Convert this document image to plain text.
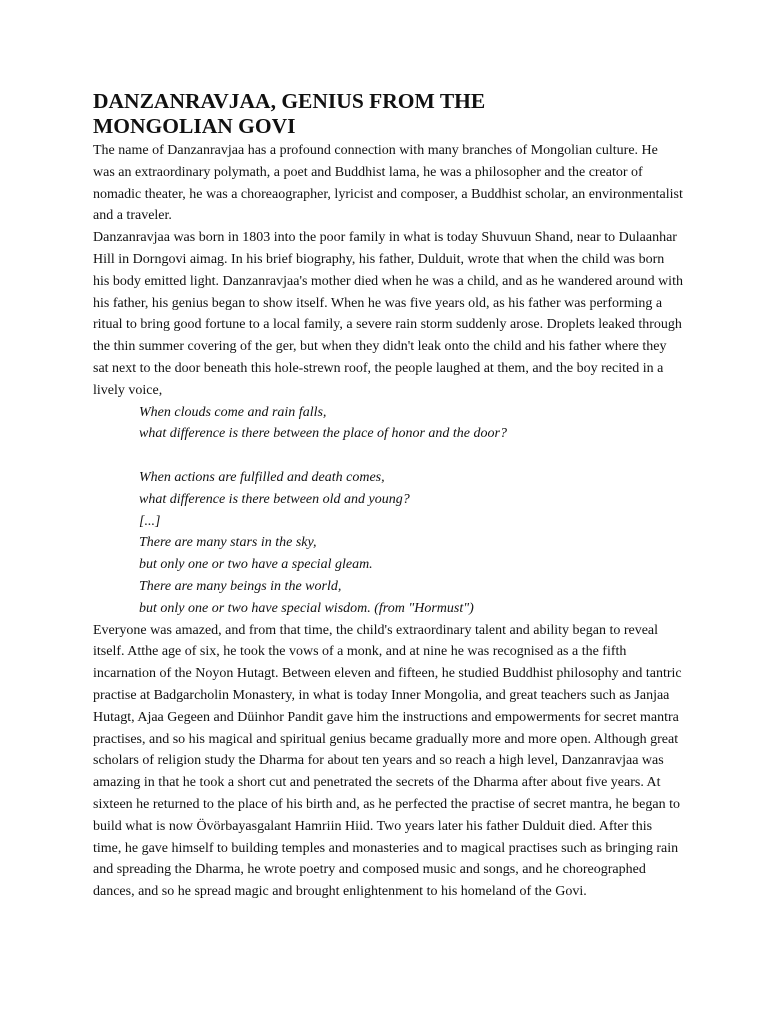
DANZANRAVJAA, GENIUS FROM THE
MONGOLIAN GOVI

The name of Danzanravjaa has a profound connection with many branches of Mongolian culture. He was an extraordinary polymath, a poet and Buddhist lama, he was a philosopher and the creator of nomadic theater, he was a choreaographer, lyricist and composer, a Buddhist scholar, an environmentalist and a traveler.

Danzanravjaa was born in 1803 into the poor family in what is today Shuvuun Shand, near to Dulaanhar Hill in Dorngovi aimag. In his brief biography, his father, Dulduit, wrote that when the child was born his body emitted light. Danzanravjaa's mother died when he was a child, and as he wandered around with his father, his genius began to show itself. When he was five years old, as his father was performing a ritual to bring good fortune to a local family, a severe rain storm suddenly arose. Droplets leaked through the thin summer covering of the ger, but when they didn't leak onto the child and his father where they sat next to the door beneath this hole-strewn roof, the people laughed at them, and the boy recited in a lively voice,

When clouds come and rain falls,
what difference is there between the place of honor and the door?
When actions are fulfilled and death comes,
what difference is there between old and young?
[...]
There are many stars in the sky,
but only one or two have a special gleam.
There are many beings in the world,
but only one or two have special wisdom. (from "Hormust")

Everyone was amazed, and from that time, the child's extraordinary talent and ability began to reveal itself. Atthe age of six, he took the vows of a monk, and at nine he was recognised as a the fifth incarnation of the Noyon Hutagt. Between eleven and fifteen, he studied Buddhist philosophy and tantric practise at Badgarcholin Monastery, in what is today Inner Mongolia, and great teachers such as Janjaa Hutagt, Ajaa Gegeen and Düinhor Pandit gave him the instructions and empowerments for secret mantra practises, and so his magical and spiritual genius became gradually more and more open. Although great scholars of religion study the Dharma for about ten years and so reach a high level, Danzanravjaa was amazing in that he took a short cut and penetrated the secrets of the Dharma after about five years. At sixteen he returned to the place of his birth and, as he perfected the practise of secret mantra, he began to build what is now Övörbayasgalant Hamriin Hiid. Two years later his father Dulduit died. After this time, he gave himself to building temples and monasteries and to magical practises such as bringing rain and spreading the Dharma, he wrote poetry and composed music and songs, and he choreographed dances, and so he spread magic and brought enlightenment to his homeland of the Govi.
